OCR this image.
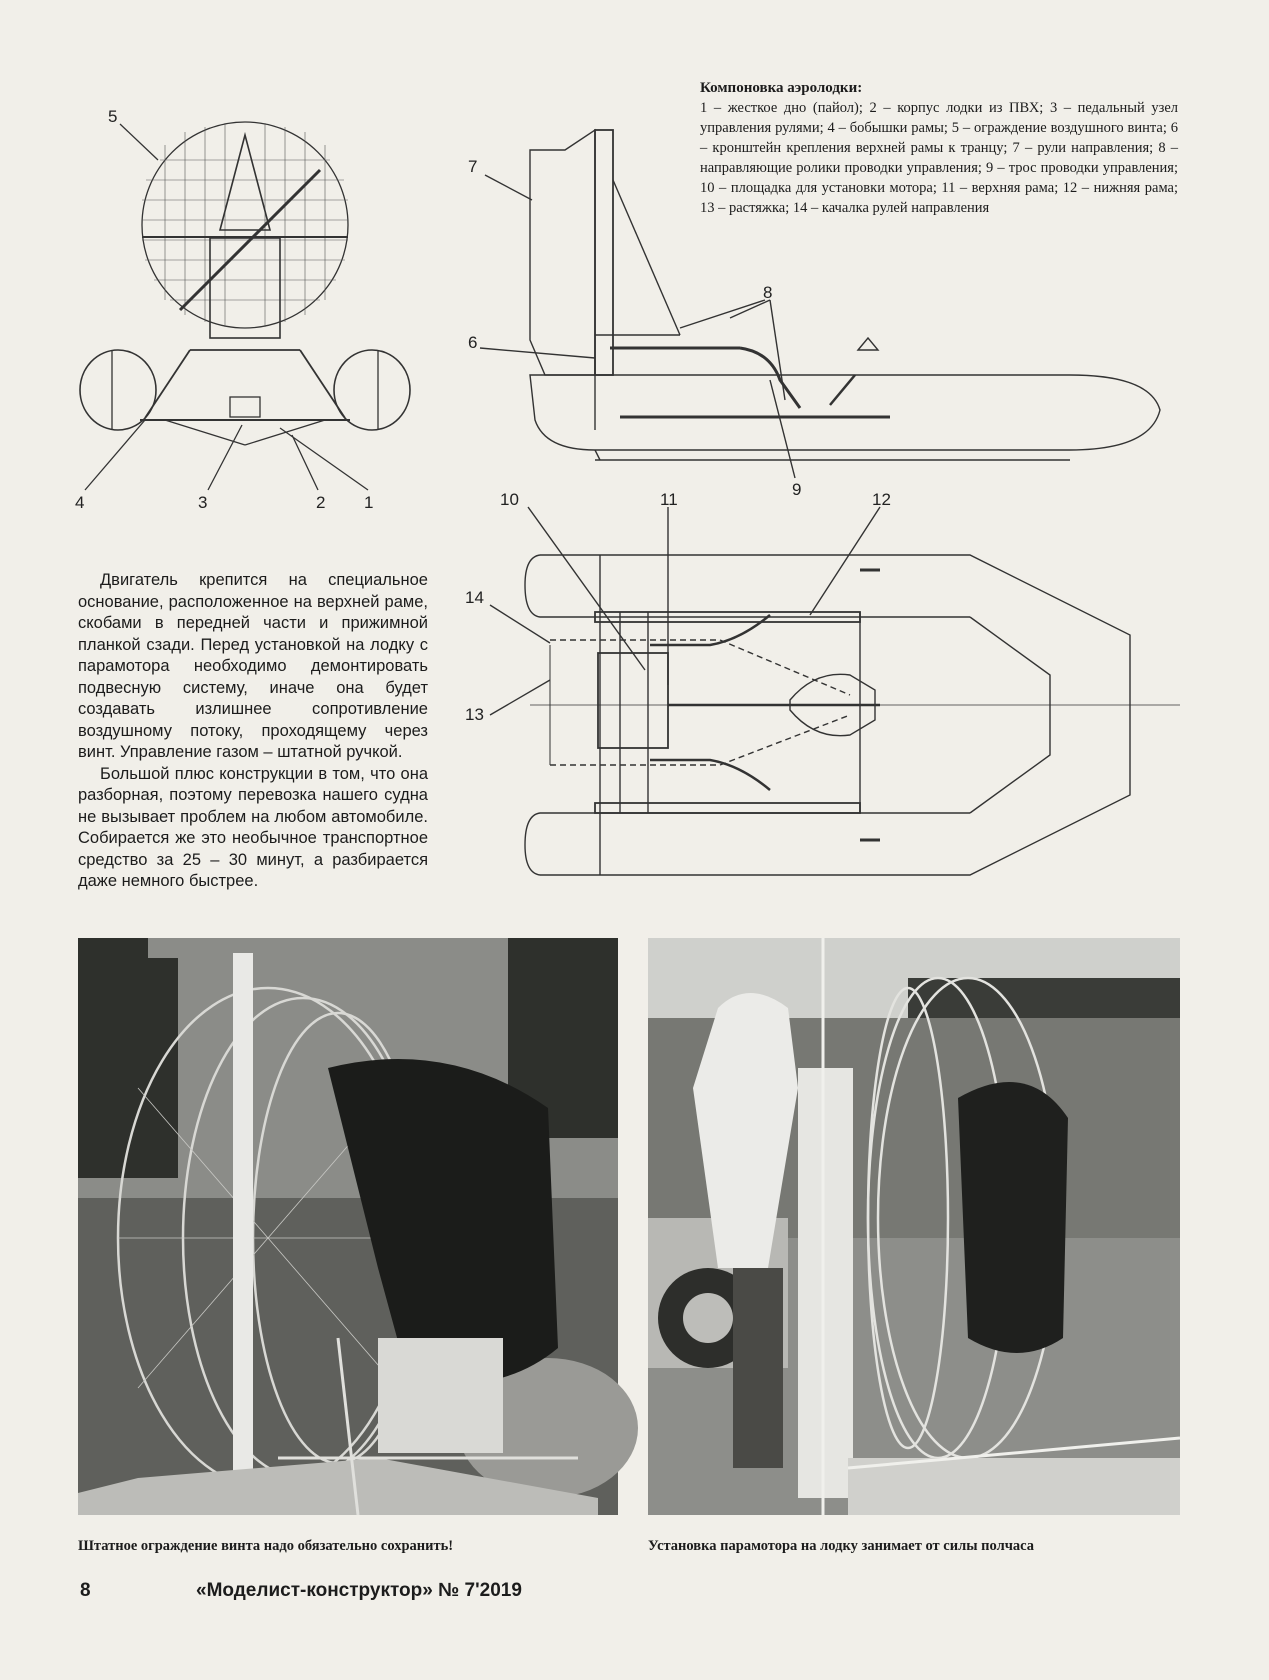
5
4	3	2 1
7
6
8
9
10	11	12
14
13
Компоновка аэролодки:
1 – жесткое дно (пайол); 2 – корпус лодки из ПВХ; 3 – педальный узел управления рулями; 4 – бобышки рамы; 5 – ограждение воздушного винта; 6 – кронштейн крепления верхней рамы к транцу; 7 – рули направления; 8 – направляющие ролики проводки управления; 9 – трос проводки управления; 10 – площадка для установки мотора; 11 – верхняя рама; 12 – нижняя рама; 13 – растяжка; 14 – качалка рулей направления

Двигатель крепится на специальное основание, расположенное на верхней раме, скобами в передней части и прижимной планкой сзади. Перед установкой на лодку с парамотора необходимо демонтировать подвесную систему, иначе она будет создавать излишнее сопротивление воздушному потоку, проходящему через винт. Управление газом – штатной ручкой.

Большой плюс конструкции в том, что она разборная, поэтому перевозка нашего судна не вызывает проблем на любом автомобиле. Собирается же это необычное транспортное средство за 25 – 30 минут, а разбирается даже немного быстрее.

Штатное ограждение винта надо обязательно сохранить!	Установка парамотора на лодку занимает от силы полчаса
8	«Моделист-конструктор» № 7'2019
